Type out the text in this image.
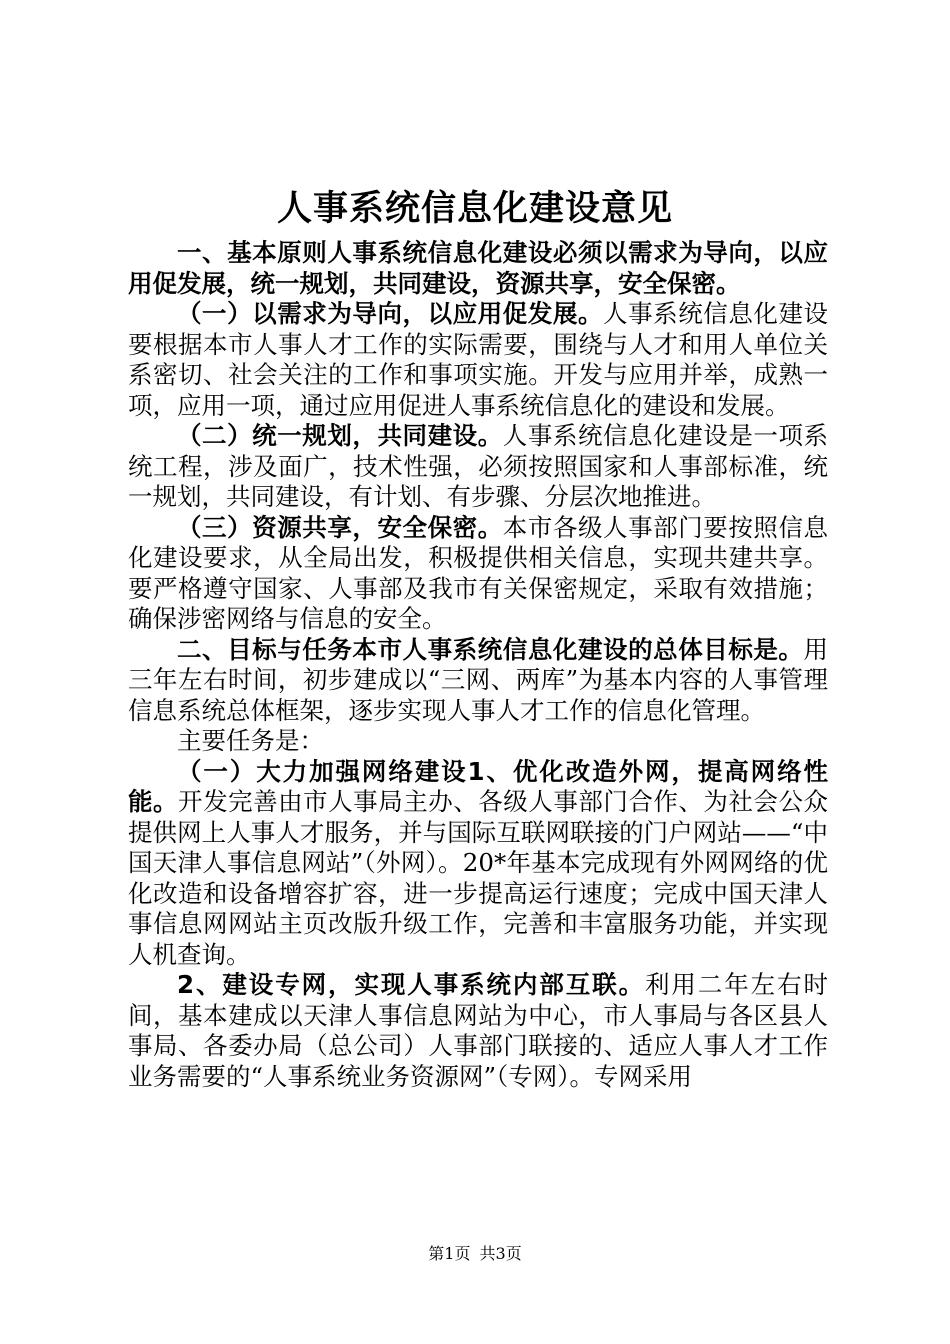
人事系统信息化建设意见

一、基本原则人事系统信息化建设必须以需求为导向，以应用促发展，统一规划，共同建设，资源共享，安全保密。

（一）以需求为导向，以应用促发展。人事系统信息化建设要根据本市人事人才工作的实际需要，围绕与人才和用人单位关系密切、社会关注的工作和事项实施。开发与应用并举，成熟一项，应用一项，通过应用促进人事系统信息化的建设和发展。

（二）统一规划，共同建设。人事系统信息化建设是一项系统工程，涉及面广，技术性强，必须按照国家和人事部标准，统一规划，共同建设，有计划、有步骤、分层次地推进。

（三）资源共享，安全保密。本市各级人事部门要按照信息化建设要求，从全局出发，积极提供相关信息，实现共建共享。要严格遵守国家、人事部及我市有关保密规定，采取有效措施；确保涉密网络与信息的安全。

二、目标与任务本市人事系统信息化建设的总体目标是。用三年左右时间，初步建成以“三网、两库”为基本内容的人事管理信息系统总体框架，逐步实现人事人才工作的信息化管理。

主要任务是：

（一）大力加强网络建设1、优化改造外网，提高网络性能。开发完善由市人事局主办、各级人事部门合作、为社会公众提供网上人事人才服务，并与国际互联网联接的门户网站——“中国天津人事信息网站”（外网）。20*年基本完成现有外网网络的优化改造和设备增容扩容，进一步提高运行速度；完成中国天津人事信息网网站主页改版升级工作，完善和丰富服务功能，并实现人机查询。

2、建设专网，实现人事系统内部互联。利用二年左右时间，基本建成以天津人事信息网站为中心，市人事局与各区县人事局、各委办局（总公司）人事部门联接的、适应人事人才工作业务需要的“人事系统业务资源网”（专网）。专网采用

第1页 共3页
